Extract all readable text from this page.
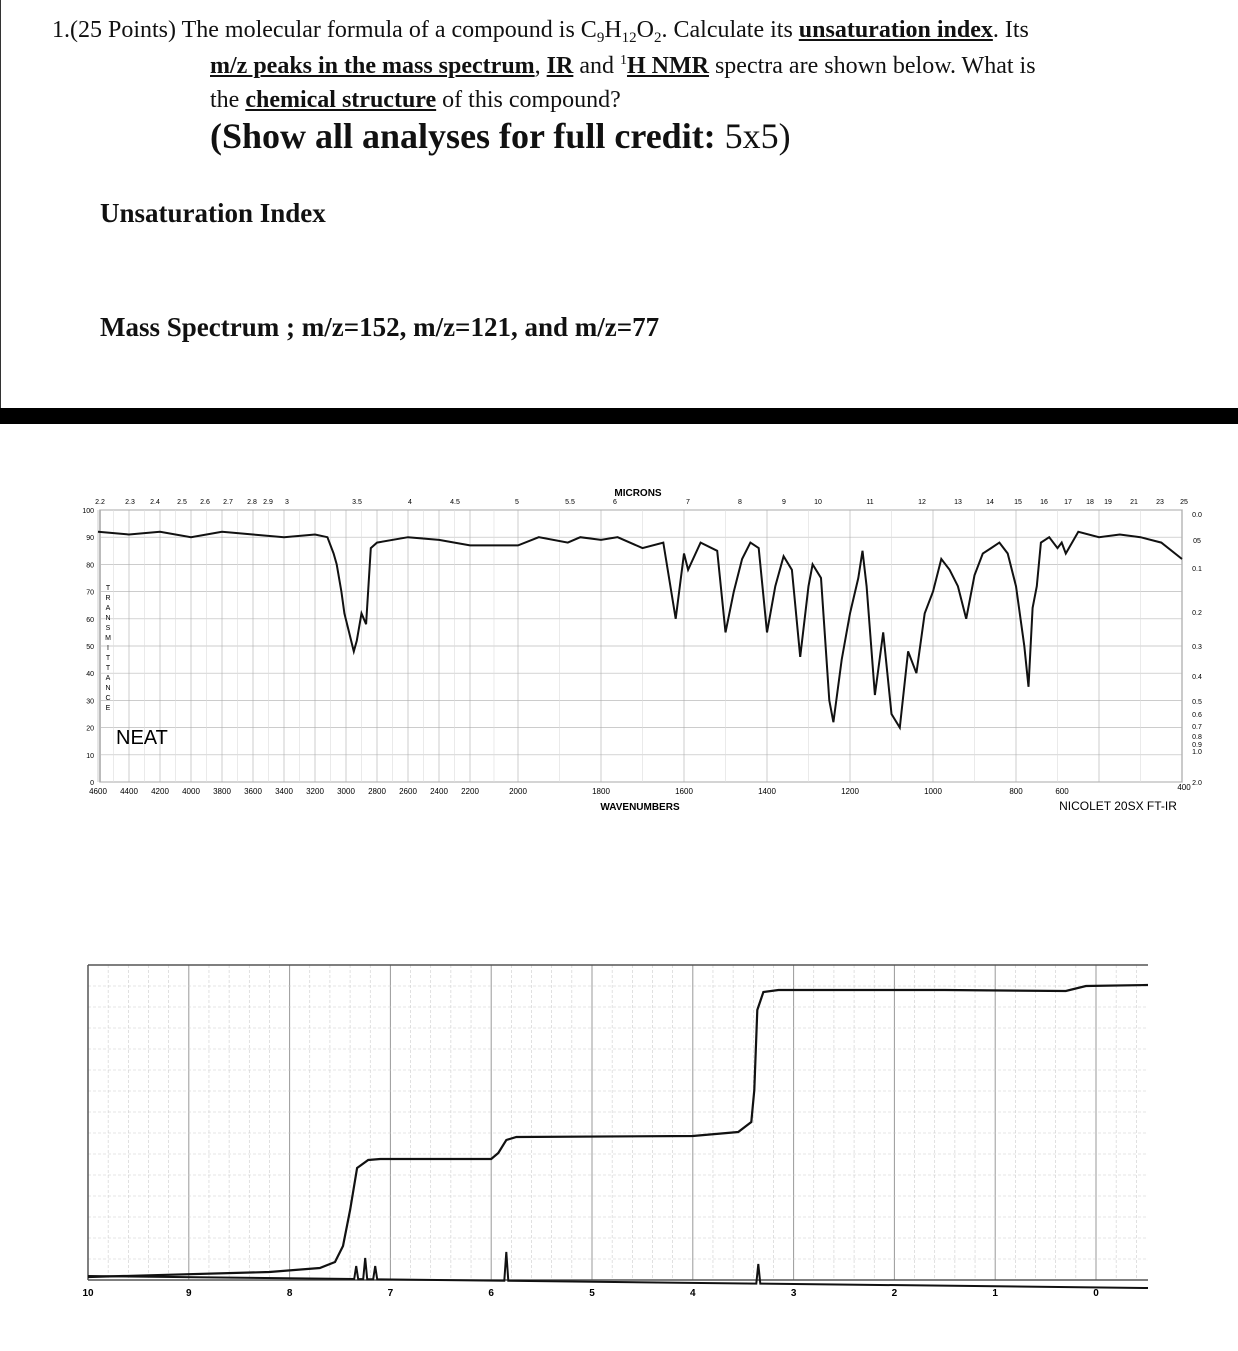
1.(25 Points) The molecular formula of a compound is $C_9H_{12}O_2$. Calculate its unsaturation index. Its
m/z peaks in the mass spectrum, IR and $^1$H NMR spectra are shown below. What is
the chemical structure of this compound?
(Show all analyses for full credit: 5x5)
Unsaturation Index
Mass Spectrum ; m/z=152, m/z=121, and m/z=77
100
90
80
70
60
50
40
30
20
10
0
4600 4400 4200 4000 3800 3600 3400 3200 3000 2800 2600 2400 2200	2000	1800	1600	1400	1200	1000	800	600	400
2.2	2.3 2.4 2.5 2.6 2.7 2.8 2.9 3	3.5	4	4.5	5	5.5	6	7	8	9	10	11	12	13	14	15	16 17 18 19	21	23 25
0.0
05
0.1
0.2
0.3
0.4
0.5
0.6
0.7
0.8
0.9
1.0
2.0
T
R
A
N
S
M
I
T
T
A
N
C
E
MICRONS
WAVENUMBERS
NEAT
NICOLET 20SX FT-IR
10	9	8	7	6	5	4	3	2	1	0
